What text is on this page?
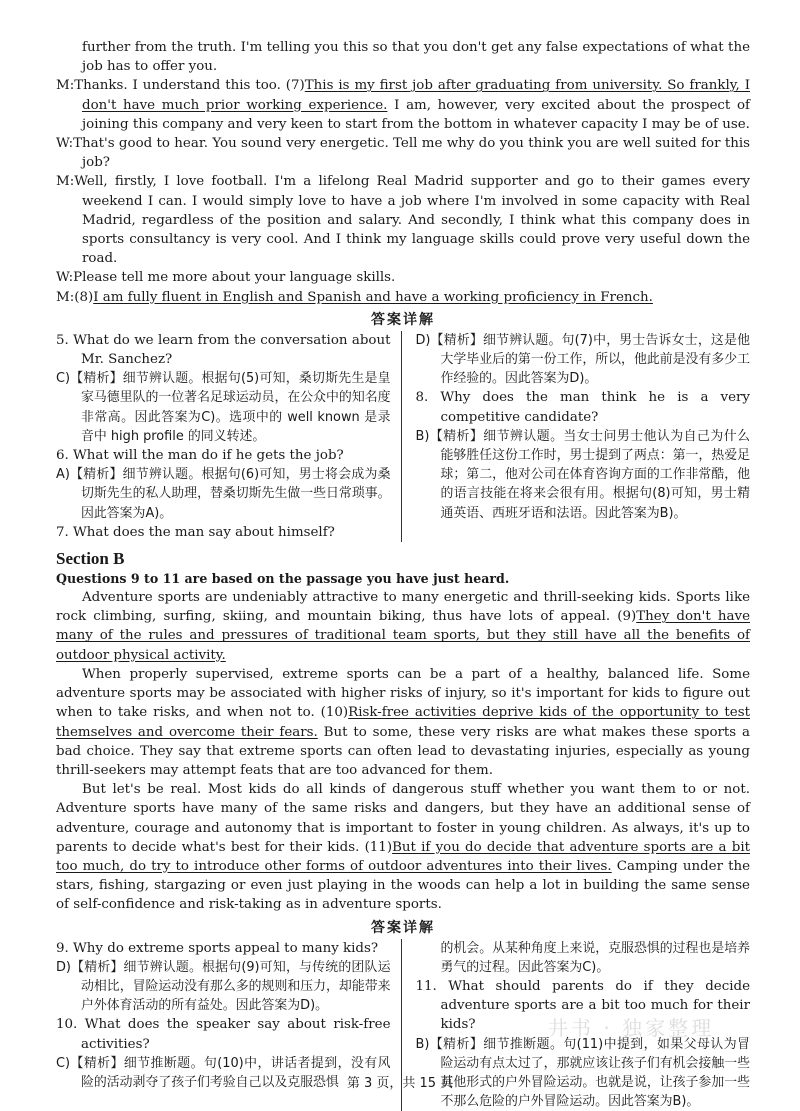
further from the truth. I'm telling you this so that you don't get any false expectations of what the job has to offer you.
M:Thanks. I understand this too. (7)This is my first job after graduating from university. So frankly, I don't have much prior working experience. I am, however, very excited about the prospect of joining this company and very keen to start from the bottom in whatever capacity I may be of use.
W:That's good to hear. You sound very energetic. Tell me why do you think you are well suited for this job?
M:Well, firstly, I love football. I'm a lifelong Real Madrid supporter and go to their games every weekend I can. I would simply love to have a job where I'm involved in some capacity with Real Madrid, regardless of the position and salary. And secondly, I think what this company does in sports consultancy is very cool. And I think my language skills could prove very useful down the road.
W:Please tell me more about your language skills.
M:(8)I am fully fluent in English and Spanish and have a working proficiency in French.
答案详解
5. What do we learn from the conversation about Mr. Sanchez?
C)【精析】细节辨认题。根据句(5)可知，桑切斯先生是皇家马德里队的一位著名足球运动员，在公众中的知名度非常高。因此答案为C)。选项中的 well known 是录音中 high profile 的同义转述。
6. What will the man do if he gets the job?
A)【精析】细节辨认题。根据句(6)可知，男士将会成为桑切斯先生的私人助理，替桑切斯先生做一些日常琐事。因此答案为A)。
7. What does the man say about himself?
D)【精析】细节辨认题。句(7)中，男士告诉女士，这是他大学毕业后的第一份工作，所以，他此前是没有多少工作经验的。因此答案为D)。
8. Why does the man think he is a very competitive candidate?
B)【精析】细节辨认题。当女士问男士他认为自己为什么能够胜任这份工作时，男士提到了两点：第一，热爱足球；第二，他对公司在体育咨询方面的工作非常酷，他的语言技能在将来会很有用。根据句(8)可知，男士精通英语、西班牙语和法语。因此答案为B)。
Section B
Questions 9 to 11 are based on the passage you have just heard.
Adventure sports are undeniably attractive to many energetic and thrill-seeking kids. Sports like rock climbing, surfing, skiing, and mountain biking, thus have lots of appeal. (9)They don't have many of the rules and pressures of traditional team sports, but they still have all the benefits of outdoor physical activity.
When properly supervised, extreme sports can be a part of a healthy, balanced life. Some adventure sports may be associated with higher risks of injury, so it's important for kids to figure out when to take risks, and when not to. (10)Risk-free activities deprive kids of the opportunity to test themselves and overcome their fears. But to some, these very risks are what makes these sports a bad choice. They say that extreme sports can often lead to devastating injuries, especially as young thrill-seekers may attempt feats that are too advanced for them.
But let's be real. Most kids do all kinds of dangerous stuff whether you want them to or not. Adventure sports have many of the same risks and dangers, but they have an additional sense of adventure, courage and autonomy that is important to foster in young children. As always, it's up to parents to decide what's best for their kids. (11)But if you do decide that adventure sports are a bit too much, do try to introduce other forms of outdoor adventures into their lives. Camping under the stars, fishing, stargazing or even just playing in the woods can help a lot in building the same sense of self-confidence and risk-taking as in adventure sports.
答案详解
9. Why do extreme sports appeal to many kids?
D)【精析】细节辨认题。根据句(9)可知，与传统的团队运动相比，冒险运动没有那么多的规则和压力，却能带来户外体育活动的所有益处。因此答案为D)。
10. What does the speaker say about risk-free activities?
C)【精析】细节推断题。句(10)中，讲话者提到，没有风险的活动剥夺了孩子们考验自己以及克服恐惧
的机会。从某种角度上来说，克服恐惧的过程也是培养勇气的过程。因此答案为C)。
11. What should parents do if they decide adventure sports are a bit too much for their kids?
B)【精析】细节推断题。句(11)中提到，如果父母认为冒险运动有点太过了，那就应该让孩子们有机会接触一些其他形式的户外冒险运动。也就是说，让孩子参加一些不那么危险的户外冒险运动。因此答案为B)。
井书 · 独家整理
第 3 页，共 15 页
